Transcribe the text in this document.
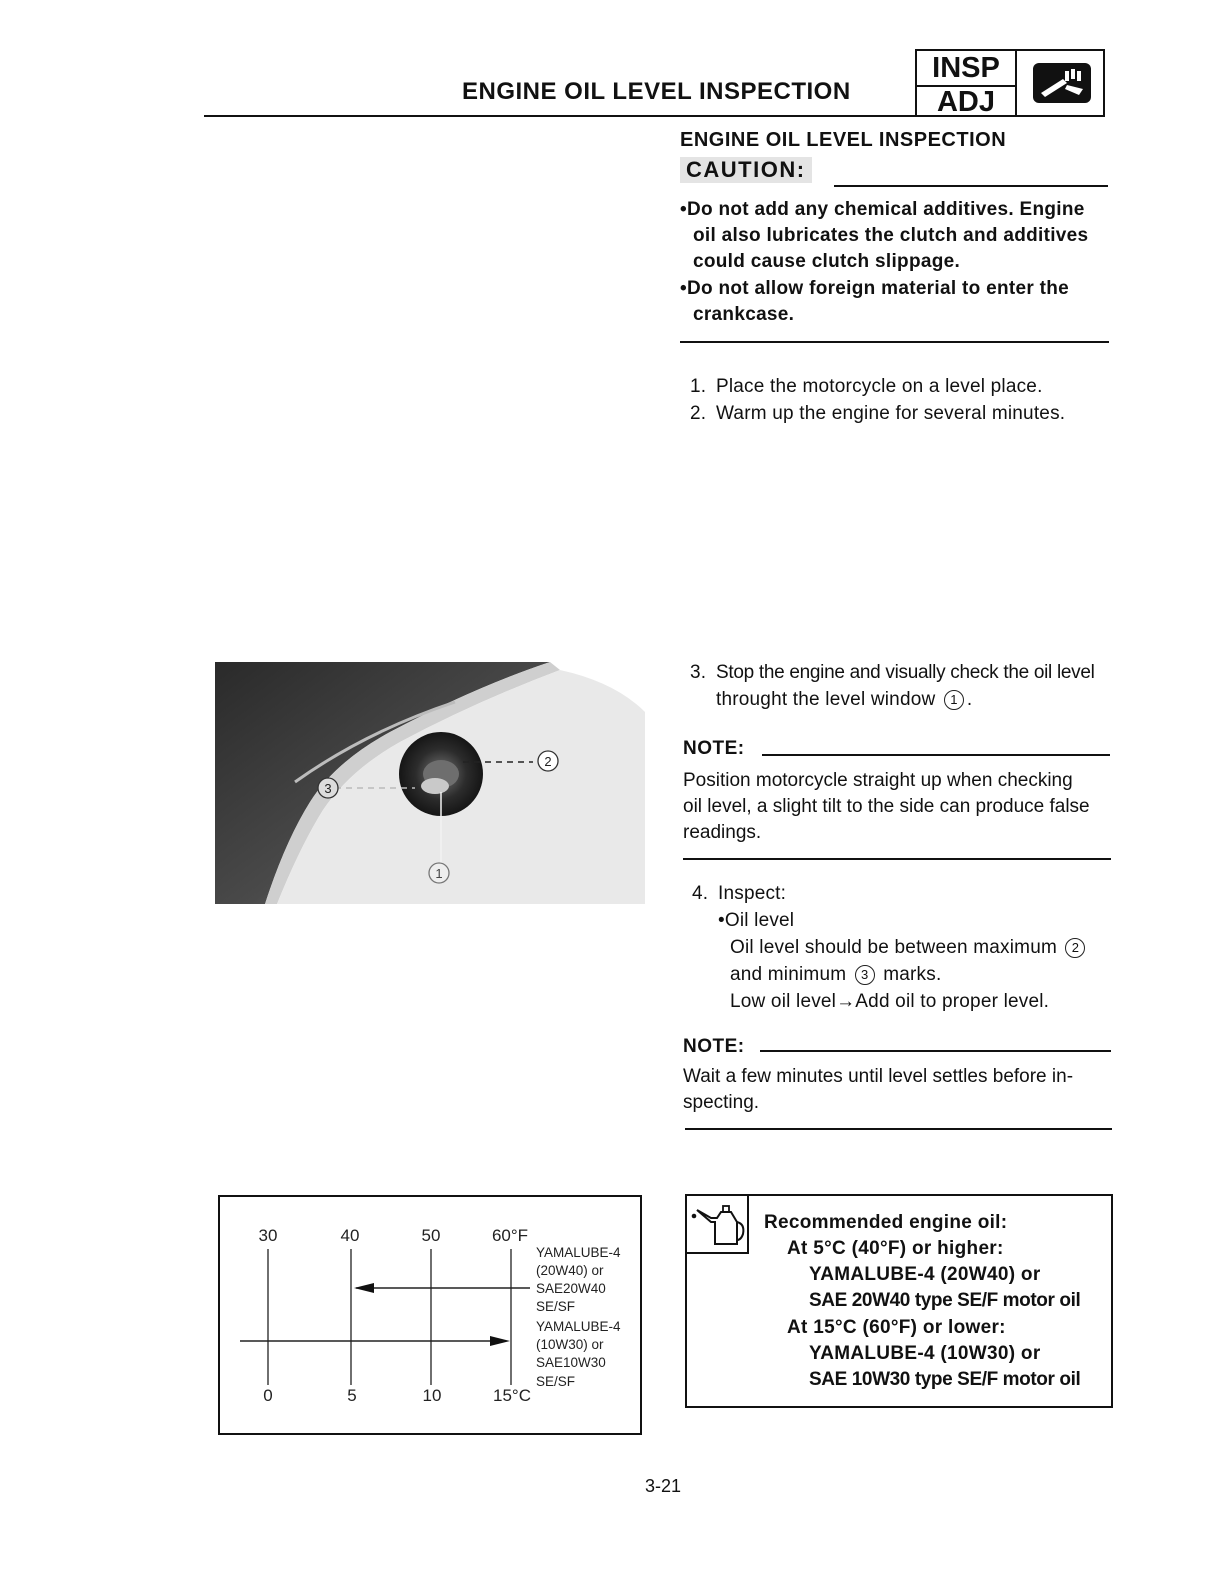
ENGINE OIL LEVEL INSPECTION
INSP
ADJ
ENGINE OIL LEVEL INSPECTION
CAUTION:
•Do not add any chemical additives. Engine
oil also lubricates the clutch and additives
could cause clutch slippage.
•Do not allow foreign material to enter the
crankcase.
1. Place the motorcycle on a level place.
2. Warm up the engine for several minutes.
2
3
1
3. Stop the engine and visually check the oil level
throught the level window 1 .
NOTE:
Position motorcycle straight up when checking
oil level, a slight tilt to the side can produce false
readings.
4. Inspect:
•Oil level
Oil level should be between maximum 2
and minimum 3 marks.
Low oil level→Add oil to proper level.
NOTE:
Wait a few minutes until level settles before in-
specting.
30	40	50	60°F
0	5	10	15°C
YAMALUBE-4
(20W40) or
SAE20W40
SE/SF
YAMALUBE-4
(10W30) or
SAE10W30
SE/SF
Recommended engine oil:
At 5°C (40°F) or higher:
YAMALUBE-4 (20W40) or
SAE 20W40 type SE/F motor oil
At 15°C (60°F) or lower:
YAMALUBE-4 (10W30) or
SAE 10W30 type SE/F motor oil
3-21
